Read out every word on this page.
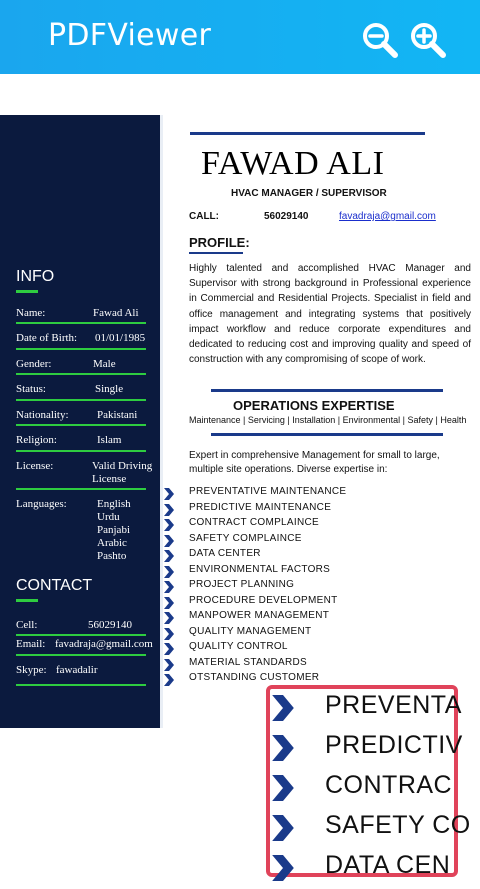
PDFViewer
INFO
Name:	Fawad Ali
Date of Birth: 01/01/1985
Gender:	Male
Status:	Single
Nationality:	Pakistani
Religion:	Islam
License:	Valid Driving
License
Languages:	English
Urdu
Panjabi
Arabic
Pashto
CONTACT
Cell:	56029140
Email: favadraja@gmail.com
Skype: fawadalir
FAWAD ALI
HVAC MANAGER / SUPERVISOR
CALL:	56029140	favadraja@gmail.com
PROFILE:
Highly talented and accomplished HVAC Manager and Supervisor with strong background in Professional experience in Commercial and Residential Projects. Specialist in field and office management and integrating systems that positively impact workflow and reduce corporate expenditures and dedicated to reducing cost and improving quality and speed of construction with any compromising of scope of work.
OPERATIONS EXPERTISE
Maintenance | Servicing | Installation | Environmental | Safety | Health
Expert in comprehensive Management for small to large, multiple site operations. Diverse expertise in:
PREVENTATIVE MAINTENANCE
PREDICTIVE MAINTENANCE
CONTRACT COMPLAINCE
SAFETY COMPLAINCE
DATA CENTER
ENVIRONMENTAL FACTORS
PROJECT PLANNING
PROCEDURE DEVELOPMENT
MANPOWER MANAGEMENT
QUALITY MANAGEMENT
QUALITY CONTROL
MATERIAL STANDARDS
OTSTANDING CUSTOMER
PREVENTA
PREDICTIV
CONTRAC
SAFETY CO
DATA CEN
